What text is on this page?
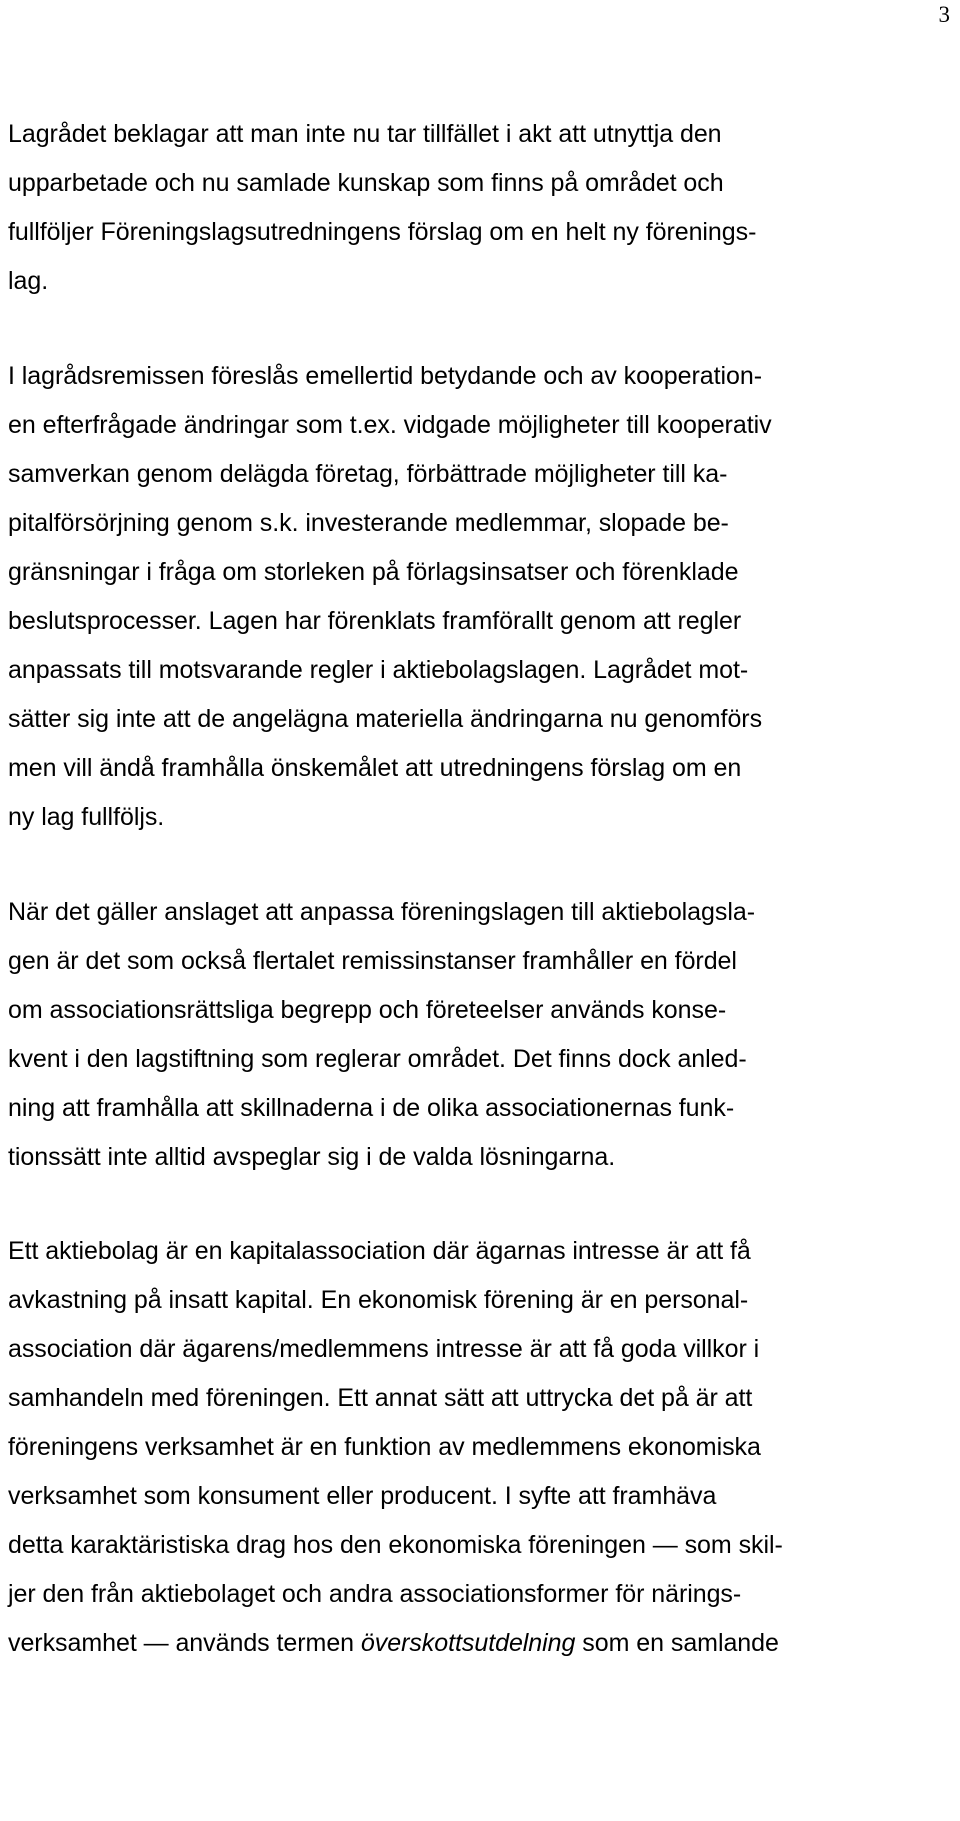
3
Lagrådet beklagar att man inte nu tar tillfället i akt att utnyttja den
upparbetade och nu samlade kunskap som finns på området och
fullföljer Föreningslagsutredningens förslag om en helt ny förenings-
lag.
I lagrådsremissen föreslås emellertid betydande och av kooperation-
en efterfrågade ändringar som t.ex. vidgade möjligheter till kooperativ
samverkan genom delägda företag, förbättrade möjligheter till ka-
pitalförsörjning genom s.k. investerande medlemmar, slopade be-
gränsningar i fråga om storleken på förlagsinsatser och förenklade
beslutsprocesser. Lagen har förenklats framförallt genom att regler
anpassats till motsvarande regler i aktiebolagslagen. Lagrådet mot-
sätter sig inte att de angelägna materiella ändringarna nu genomförs
men vill ändå framhålla önskemålet att utredningens förslag om en
ny lag fullföljs.
När det gäller anslaget att anpassa föreningslagen till aktiebolagsla-
gen är det som också flertalet remissinstanser framhåller en fördel
om associationsrättsliga begrepp och företeelser används konse-
kvent i den lagstiftning som reglerar området. Det finns dock anled-
ning att framhålla att skillnaderna i de olika associationernas funk-
tionssätt inte alltid avspeglar sig i de valda lösningarna.
Ett aktiebolag är en kapitalassociation där ägarnas intresse är att få
avkastning på insatt kapital. En ekonomisk förening är en personal-
association där ägarens/medlemmens intresse är att få goda villkor i
samhandeln med föreningen. Ett annat sätt att uttrycka det på är att
föreningens verksamhet är en funktion av medlemmens ekonomiska
verksamhet som konsument eller producent. I syfte att framhäva
detta karaktäristiska drag hos den ekonomiska föreningen — som skil-
jer den från aktiebolaget och andra associationsformer för närings-
verksamhet — används termen överskottsutdelning som en samlande
